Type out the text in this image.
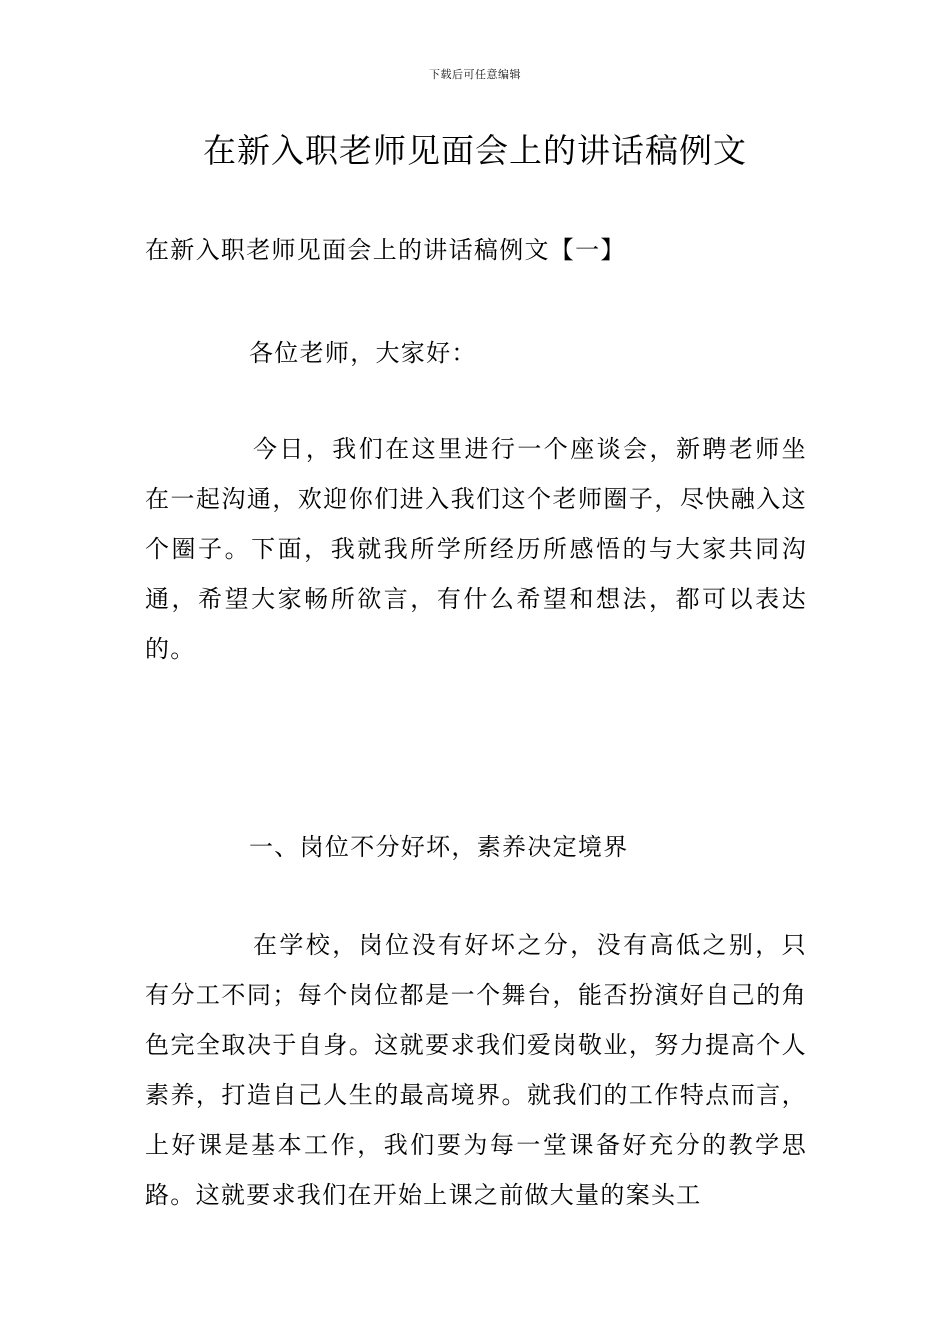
下载后可任意编辑
在新入职老师见面会上的讲话稿例文

在新入职老师见面会上的讲话稿例文【一】

各位老师，大家好：

今日，我们在这里进行一个座谈会，新聘老师坐在一起沟通，欢迎你们进入我们这个老师圈子，尽快融入这个圈子。下面，我就我所学所经历所感悟的与大家共同沟通，希望大家畅所欲言，有什么希望和想法，都可以表达的。

一、岗位不分好坏，素养决定境界

在学校，岗位没有好坏之分，没有高低之别，只有分工不同；每个岗位都是一个舞台，能否扮演好自己的角色完全取决于自身。这就要求我们爱岗敬业，努力提高个人素养，打造自己人生的最高境界。就我们的工作特点而言，上好课是基本工作，我们要为每一堂课备好充分的教学思路。这就要求我们在开始上课之前做大量的案头工
